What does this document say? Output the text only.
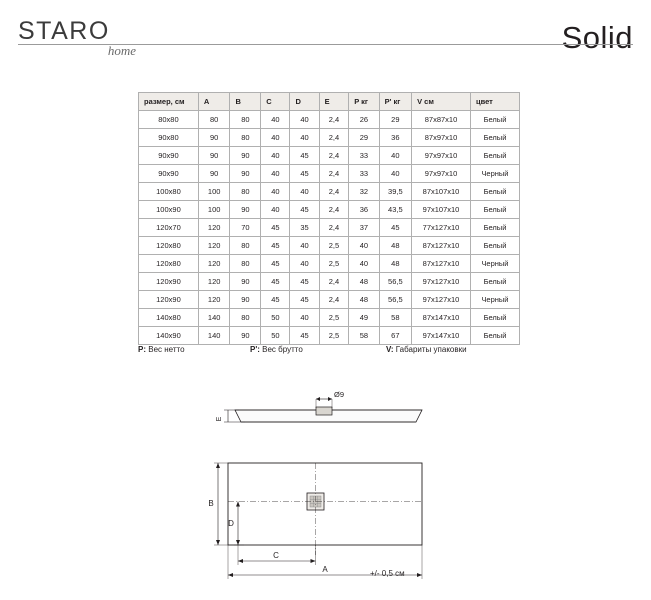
STARO
home	Solid
размер, см	A	B	C	D	E	P кг	P' кг	V см	цвет
80x80	80	80	40	40	2,4	26	29	87x87x10	Белый
90x80	90	80	40	40	2,4	29	36	87x97x10	Белый
90x90	90	90	40	45	2,4	33	40	97x97x10	Белый
90x90	90	90	40	45	2,4	33	40	97x97x10	Черный
100x80	100	80	40	40	2,4	32	39,5	87x107x10	Белый
100x90	100	90	40	45	2,4	36	43,5	97x107x10	Белый
120x70	120	70	45	35	2,4	37	45	77x127x10	Белый
120x80	120	80	45	40	2,5	40	48	87x127x10	Белый
120x80	120	80	45	40	2,5	40	48	87x127x10	Черный
120x90	120	90	45	45	2,4	48	56,5	97x127x10	Белый
120x90	120	90	45	45	2,4	48	56,5	97x127x10	Черный
140x80	140	80	50	40	2,5	49	58	87x147x10	Белый
140x90	140	90	50	45	2,5	58	67	97x147x10	Белый
P: Вес нетто	P': Вес брутто	V: Габариты упаковки
Ø9
E
B
D
C
A	+/- 0,5 см
